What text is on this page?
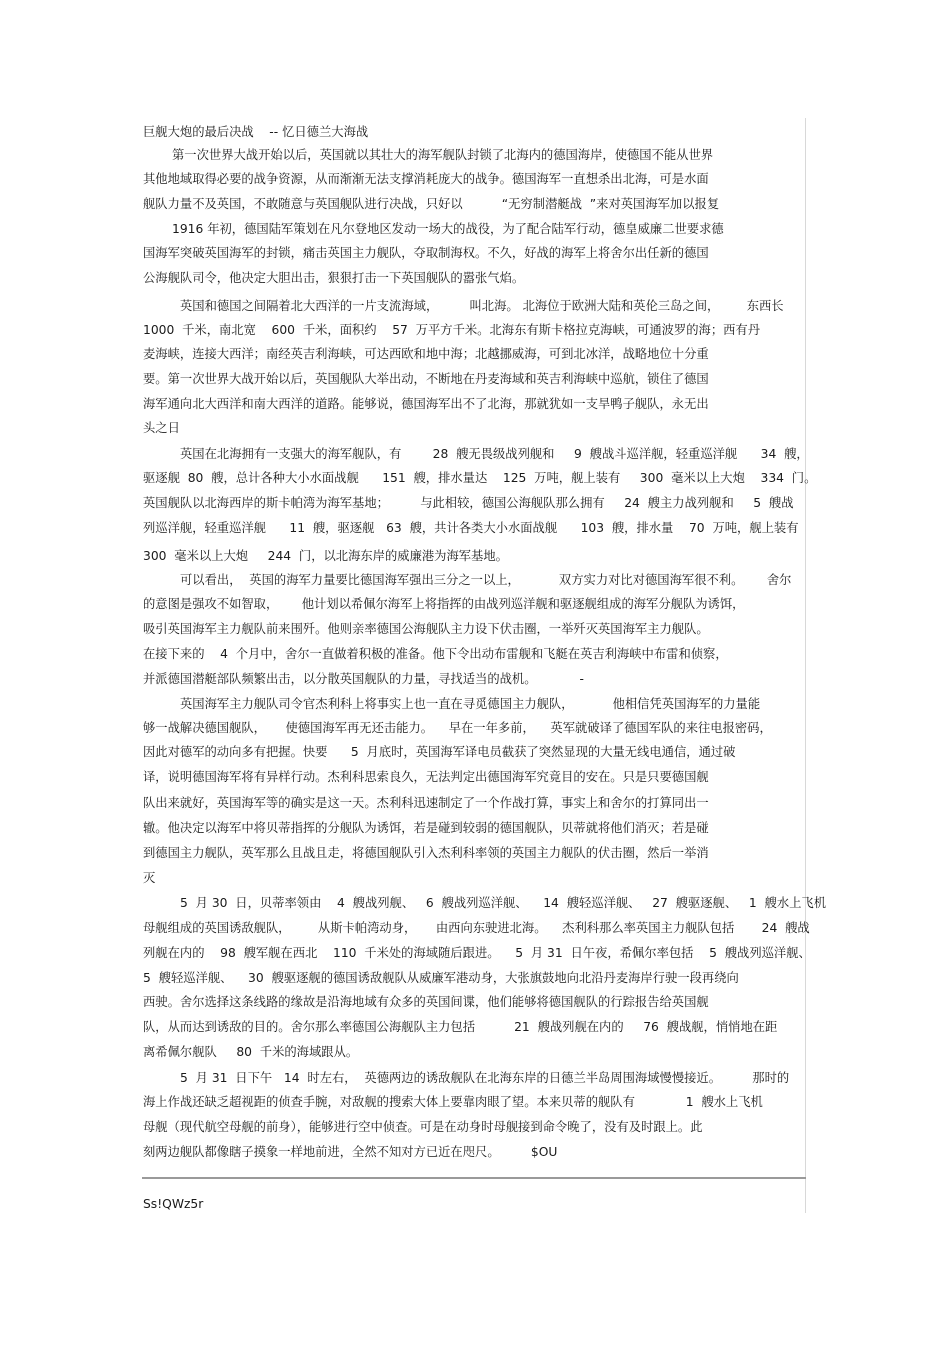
巨舰大炮的最后决战    -- 忆日德兰大海战
第一次世界大战开始以后，英国就以其壮大的海军舰队封锁了北海内的德国海岸，使德国不能从世界
其他地域取得必要的战争资源，从而渐渐无法支撑消耗庞大的战争。德国海军一直想杀出北海，可是水面
舰队力量不及英国，不敢随意与英国舰队进行决战，只好以          “无穷制潜艇战  ”来对英国海军加以报复
1916 年初，德国陆军策划在凡尔登地区发动一场大的战役，为了配合陆军行动，德皇威廉二世要求德
国海军突破英国海军的封锁，痛击英国主力舰队，夺取制海权。不久，好战的海军上将舍尔出任新的德国
公海舰队司令，他决定大胆出击，狠狠打击一下英国舰队的嚣张气焰。
英国和德国之间隔着北大西洋的一片支流海域，        叫北海。 北海位于欧洲大陆和英伦三岛之间，       东西长
1000  千米，南北宽    600  千米，面积约    57  万平方千米。北海东有斯卡格拉克海峡，可通波罗的海；西有丹
麦海峡，连接大西洋；南经英吉利海峡，可达西欧和地中海；北越挪威海，可到北冰洋，战略地位十分重
要。第一次世界大战开始以后，英国舰队大举出动，不断地在丹麦海域和英吉利海峡中巡航，锁住了德国
海军通向北大西洋和南大西洋的道路。能够说，德国海军出不了北海，那就犹如一支旱鸭子舰队，永无出
头之日
英国在北海拥有一支强大的海军舰队，有        28  艘无畏级战列舰和     9  艘战斗巡洋舰，轻重巡洋舰      34  艘，
驱逐舰  80  艘，总计各种大小水面战舰      151  艘，排水量达    125  万吨，舰上装有     300  毫米以上大炮    334  门。
英国舰队以北海西岸的斯卡帕湾为海军基地；        与此相较，德国公海舰队那么拥有     24  艘主力战列舰和     5  艘战
列巡洋舰，轻重巡洋舰      11  艘，驱逐舰   63  艘，共计各类大小水面战舰      103  艘，排水量    70  万吨，舰上装有
300  毫米以上大炮     244  门，以北海东岸的威廉港为海军基地。
可以看出，  英国的海军力量要比德国海军强出三分之一以上，          双方实力对比对德国海军很不利。      舍尔
的意图是强攻不如智取，      他计划以希佩尔海军上将指挥的由战列巡洋舰和驱逐舰组成的海军分舰队为诱饵，
吸引英国海军主力舰队前来围歼。他则亲率德国公海舰队主力设下伏击圈，一举歼灭英国海军主力舰队。
在接下来的    4  个月中，舍尔一直做着积极的准备。他下令出动布雷舰和飞艇在英吉利海峡中布雷和侦察，
并派德国潜艇部队频繁出击，以分散英国舰队的力量，寻找适当的战机。           -
英国海军主力舰队司令官杰利科上将事实上也一直在寻觅德国主力舰队，          他相信凭英国海军的力量能
够一战解决德国舰队，     使德国海军再无还击能力。    早在一年多前，    英军就破译了德国军队的来往电报密码，
因此对德军的动向多有把握。快要      5  月底时，英国海军译电员截获了突然显现的大量无线电通信，通过破
译，说明德国海军将有异样行动。杰利科思索良久，无法判定出德国海军究竟目的安在。只是只要德国舰
队出来就好，英国海军等的确实是这一天。杰利科迅速制定了一个作战打算，事实上和舍尔的打算同出一
辙。他决定以海军中将贝蒂指挥的分舰队为诱饵，若是碰到较弱的德国舰队，贝蒂就将他们消灭；若是碰
到德国主力舰队，英军那么且战且走，将德国舰队引入杰利科率领的英国主力舰队的伏击圈，然后一举消
灭
5  月 30  日，贝蒂率领由    4  艘战列舰、   6  艘战列巡洋舰、    14  艘轻巡洋舰、   27  艘驱逐舰、   1  艘水上飞机
母舰组成的英国诱敌舰队，       从斯卡帕湾动身，     由西向东驶进北海。    杰利科那么率英国主力舰队包括       24  艘战
列舰在内的    98  艘军舰在西北    110  千米处的海域随后跟进。    5  月 31  日午夜，希佩尔率包括    5  艘战列巡洋舰、
5  艘轻巡洋舰、    30  艘驱逐舰的德国诱敌舰队从威廉军港动身，大张旗鼓地向北沿丹麦海岸行驶一段再绕向
西驶。舍尔选择这条线路的缘故是沿海地域有众多的英国间谍，他们能够将德国舰队的行踪报告给英国舰
队，从而达到诱敌的目的。舍尔那么率德国公海舰队主力包括          21  艘战列舰在内的     76  艘战舰，悄悄地在距
离希佩尔舰队     80  千米的海域跟从。
5  月 31  日下午   14  时左右，  英德两边的诱敌舰队在北海东岸的日德兰半岛周围海域慢慢接近。        那时的
海上作战还缺乏超视距的侦查手腕，对敌舰的搜索大体上要靠肉眼了望。本来贝蒂的舰队有             1  艘水上飞机
母舰（现代航空母舰的前身），能够进行空中侦查。可是在动身时母舰接到命令晚了，没有及时跟上。此
刻两边舰队都像瞎子摸象一样地前进，全然不知对方已近在咫尺。        $OU
Ss!QWz5r
